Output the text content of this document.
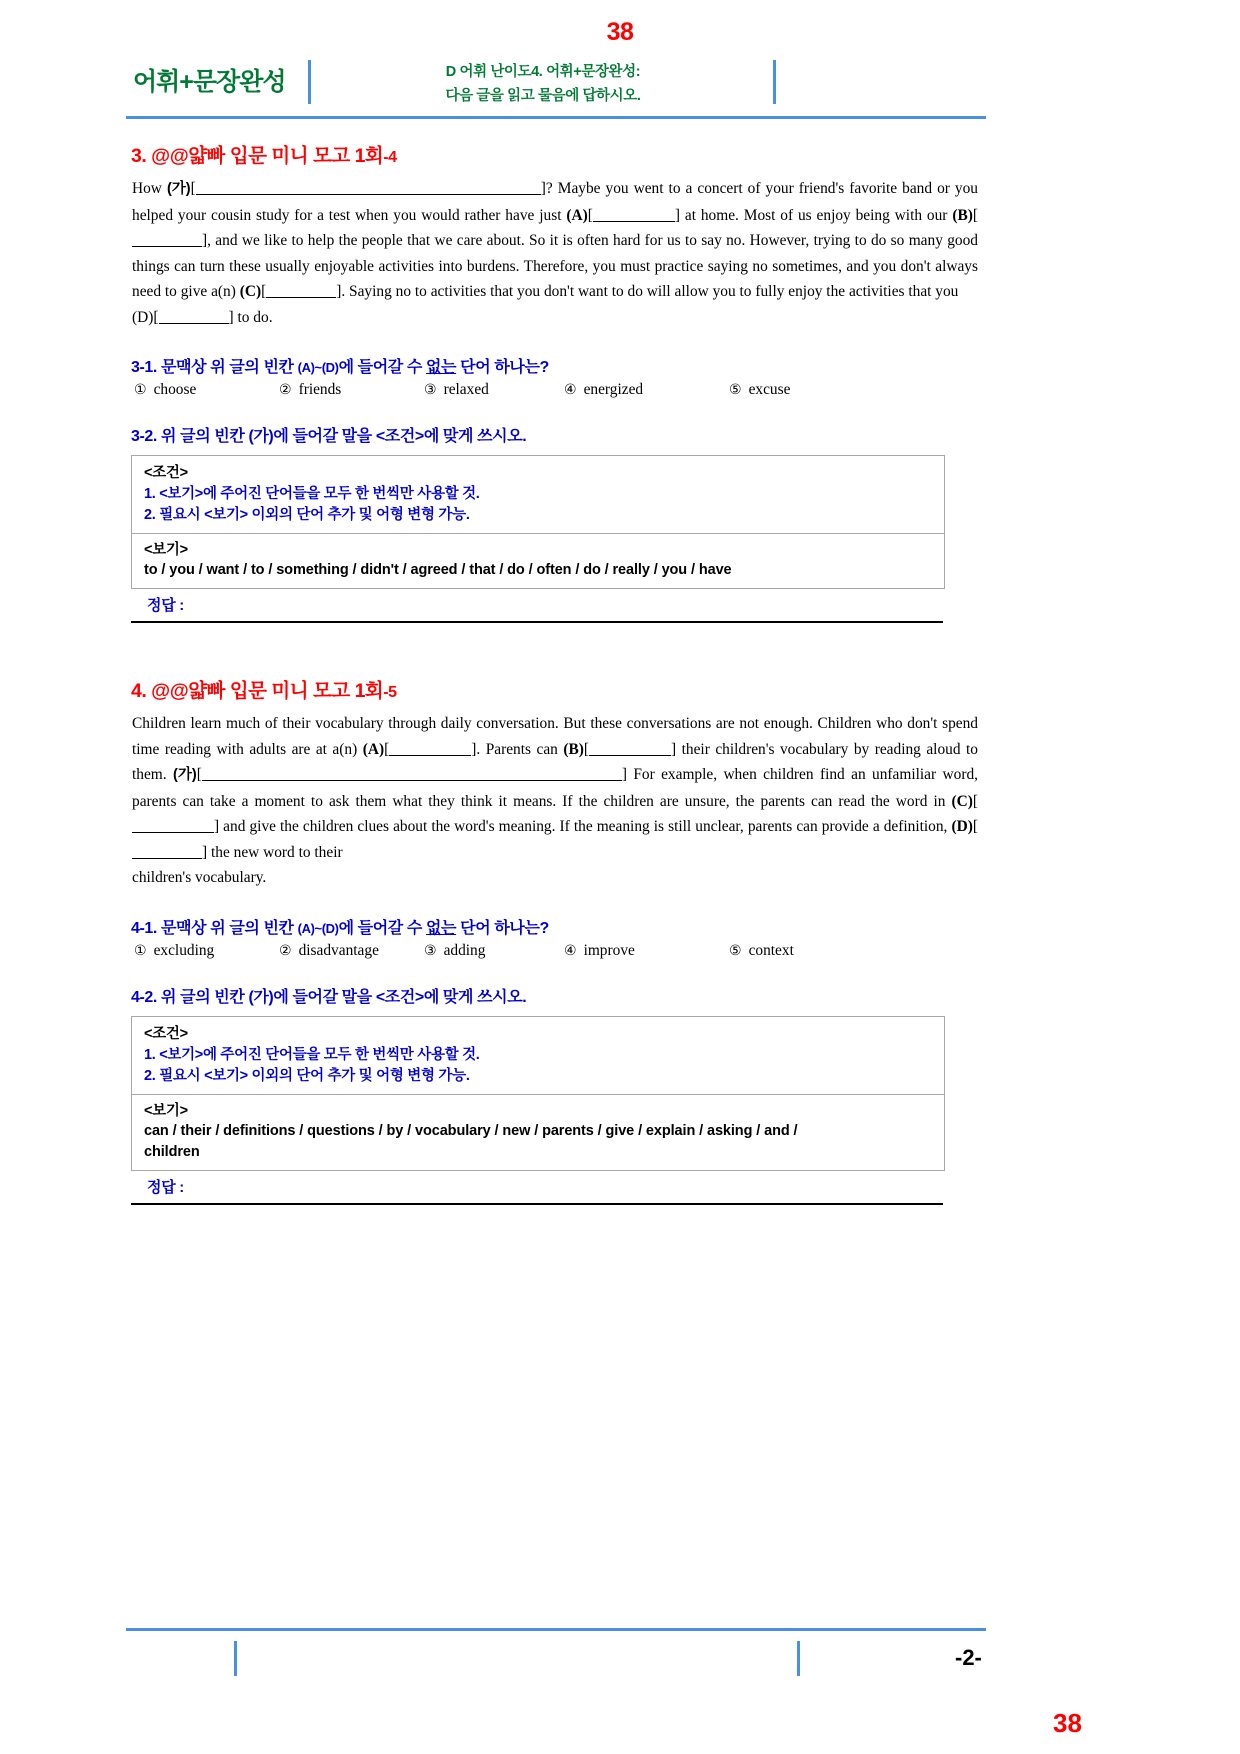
38
어휘+문장완성	D 어휘 난이도4. 어휘+문장완성:
다음 글을 읽고 물음에 답하시오.
3. @@얇빠 입문 미니 모고 1회-4
How (가)[	]? Maybe you went to a concert of your friend's favorite band or you helped your cousin study for a test when you would rather have just (A)[	] at home. Most of us enjoy being with our (B)[], and we like to help the people that we care about. So it is often hard for us to say no. However, trying to do so many good things can turn these usually enjoyable activities into burdens. Therefore, you must practice saying no sometimes, and you don't always need to give a(n) (C)[	]. Saying no to activities that you don't want to do will allow you to fully enjoy the activities that you
(D)[	] to do.
3-1. 문맥상 위 글의 빈칸 (A)~(D)에 들어갈 수 없는 단어 하나는?
① choose	② friends	③ relaxed	④ energized	⑤ excuse
3-2. 위 글의 빈칸 (가)에 들어갈 말을 <조건>에 맞게 쓰시오.
<조건>
1. <보기>에 주어진 단어들을 모두 한 번씩만 사용할 것.
2. 필요시 <보기> 이외의 단어 추가 및 어형 변형 가능.
<보기>
to / you / want / to / something / didn't / agreed / that / do / often / do / really / you / have
정답 :
4. @@얇빠 입문 미니 모고 1회-5
Children learn much of their vocabulary through daily conversation. But these conversations are not enough. Children who don't spend time reading with adults are at a(n) (A)[	]. Parents can (B)[	] their children's vocabulary by reading aloud to them. (가)[	] For example, when children find an unfamiliar word, parents can take a moment to ask them what they think it means. If the children are unsure, the parents can read the word in (C)[] and give the children clues about the word's meaning. If the meaning is still unclear, parents can provide a definition, (D)[] the new word to their
children's vocabulary.
4-1. 문맥상 위 글의 빈칸 (A)~(D)에 들어갈 수 없는 단어 하나는?
① excluding	② disadvantage	③ adding	④ improve	⑤ context
4-2. 위 글의 빈칸 (가)에 들어갈 말을 <조건>에 맞게 쓰시오.
<조건>
1. <보기>에 주어진 단어들을 모두 한 번씩만 사용할 것.
2. 필요시 <보기> 이외의 단어 추가 및 어형 변형 가능.
<보기>
can / their / definitions / questions / by / vocabulary / new / parents / give / explain / asking / and /
children
정답 :
-2-
38
